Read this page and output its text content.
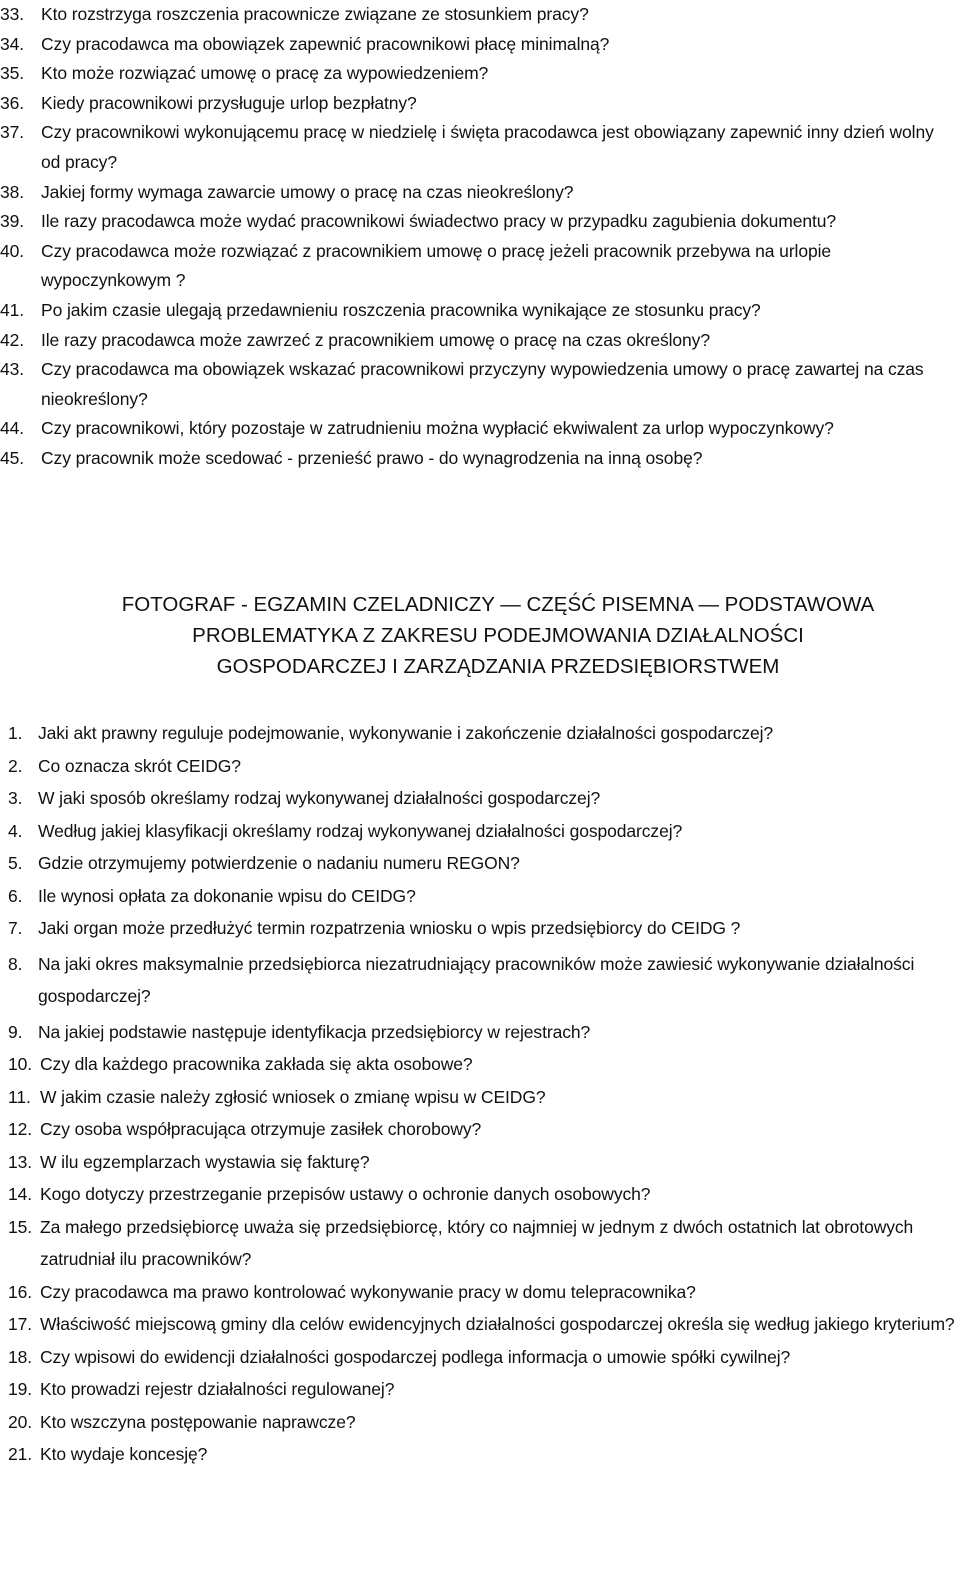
33. Kto rozstrzyga roszczenia pracownicze związane ze stosunkiem pracy?
34. Czy pracodawca ma obowiązek zapewnić pracownikowi płacę minimalną?
35. Kto może rozwiązać umowę o pracę za wypowiedzeniem?
36. Kiedy pracownikowi przysługuje urlop bezpłatny?
37. Czy pracownikowi wykonującemu pracę w niedzielę i święta pracodawca jest obowiązany zapewnić inny dzień wolny od pracy?
38. Jakiej formy wymaga zawarcie umowy o pracę na czas nieokreślony?
39. Ile razy pracodawca może wydać pracownikowi świadectwo pracy w przypadku zagubienia dokumentu?
40. Czy pracodawca może rozwiązać z pracownikiem umowę o pracę jeżeli pracownik przebywa na urlopie wypoczynkowym ?
41. Po jakim czasie ulegają przedawnieniu roszczenia pracownika wynikające ze stosunku pracy?
42. Ile razy pracodawca może zawrzeć z pracownikiem umowę o pracę na czas określony?
43. Czy pracodawca ma obowiązek wskazać pracownikowi przyczyny wypowiedzenia umowy o pracę zawartej na czas nieokreślony?
44. Czy pracownikowi, który pozostaje w zatrudnieniu można wypłacić ekwiwalent za urlop wypoczynkowy?
45. Czy pracownik może scedować - przenieść prawo - do wynagrodzenia na inną osobę?
FOTOGRAF - EGZAMIN CZELADNICZY — CZĘŚĆ PISEMNA — PODSTAWOWA
PROBLEMATYKA Z ZAKRESU PODEJMOWANIA DZIAŁALNOŚCI
GOSPODARCZEJ I ZARZĄDZANIA PRZEDSIĘBIORSTWEM
1. Jaki akt prawny reguluje podejmowanie, wykonywanie i zakończenie działalności gospodarczej?
2. Co oznacza skrót CEIDG?
3. W jaki sposób określamy rodzaj wykonywanej działalności gospodarczej?
4. Według jakiej klasyfikacji określamy rodzaj wykonywanej działalności gospodarczej?
5. Gdzie otrzymujemy potwierdzenie o nadaniu numeru REGON?
6. Ile wynosi opłata za dokonanie wpisu do CEIDG?
7. Jaki organ może przedłużyć termin rozpatrzenia wniosku o wpis przedsiębiorcy do CEIDG ?
8. Na jaki okres maksymalnie przedsiębiorca niezatrudniający pracowników może zawiesić wykonywanie działalności gospodarczej?
9. Na jakiej podstawie następuje identyfikacja przedsiębiorcy w rejestrach?
10. Czy dla każdego pracownika zakłada się akta osobowe?
11. W jakim czasie należy zgłosić wniosek o zmianę wpisu w CEIDG?
12. Czy osoba współpracująca otrzymuje zasiłek chorobowy?
13. W ilu egzemplarzach wystawia się fakturę?
14. Kogo dotyczy przestrzeganie przepisów ustawy o ochronie danych osobowych?
15. Za małego przedsiębiorcę uważa się przedsiębiorcę, który co najmniej w jednym z dwóch ostatnich lat obrotowych zatrudniał ilu pracowników?
16. Czy pracodawca ma prawo kontrolować wykonywanie pracy w domu telepracownika?
17. Właściwość miejscową gminy dla celów ewidencyjnych działalności gospodarczej określa się według jakiego kryterium?
18. Czy wpisowi do ewidencji działalności gospodarczej podlega informacja o umowie spółki cywilnej?
19. Kto prowadzi rejestr działalności regulowanej?
20. Kto wszczyna postępowanie naprawcze?
21. Kto wydaje koncesję?
